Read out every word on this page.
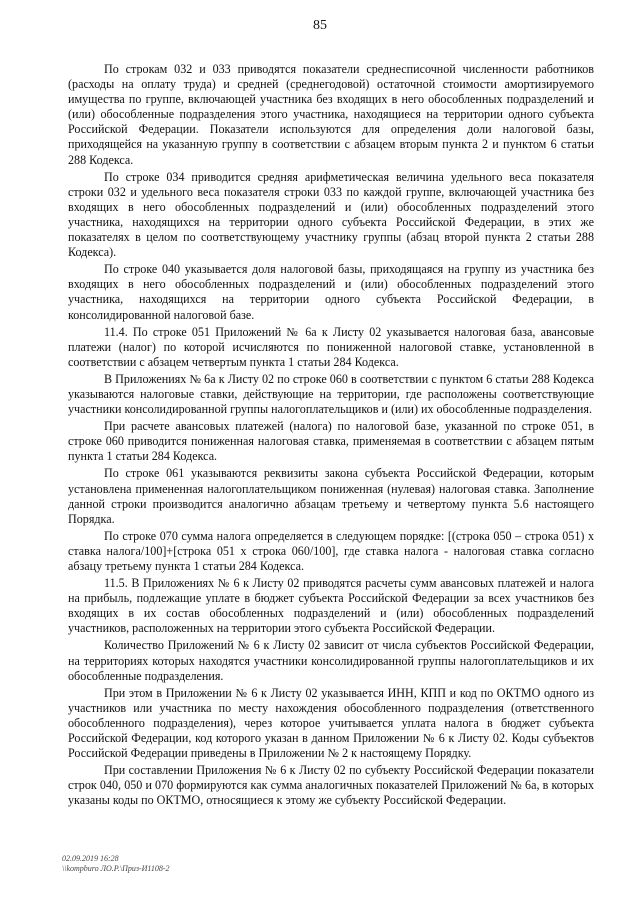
85

По строкам 032 и 033 приводятся показатели среднесписочной численности работников (расходы на оплату труда) и средней (среднегодовой) остаточной стоимости амортизируемого имущества по группе, включающей участника без входящих в него обособленных подразделений и (или) обособленные подразделения этого участника, находящиеся на территории одного субъекта Российской Федерации. Показатели используются для определения доли налоговой базы, приходящейся на указанную группу в соответствии с абзацем вторым пункта 2 и пунктом 6 статьи 288 Кодекса.

По строке 034 приводится средняя арифметическая величина удельного веса показателя строки 032 и удельного веса показателя строки 033 по каждой группе, включающей участника без входящих в него обособленных подразделений и (или) обособленных подразделений этого участника, находящихся на территории одного субъекта Российской Федерации, в этих же показателях в целом по соответствующему участнику группы (абзац второй пункта 2 статьи 288 Кодекса).

По строке 040 указывается доля налоговой базы, приходящаяся на группу из участника без входящих в него обособленных подразделений и (или) обособленных подразделений этого участника, находящихся на территории одного субъекта Российской Федерации, в консолидированной налоговой базе.

11.4. По строке 051 Приложений № 6а к Листу 02 указывается налоговая база, авансовые платежи (налог) по которой исчисляются по пониженной налоговой ставке, установленной в соответствии с абзацем четвертым пункта 1 статьи 284 Кодекса.

В Приложениях № 6а к Листу 02 по строке 060 в соответствии с пунктом 6 статьи 288 Кодекса указываются налоговые ставки, действующие на территории, где расположены соответствующие участники консолидированной группы налогоплательщиков и (или) их обособленные подразделения.

При расчете авансовых платежей (налога) по налоговой базе, указанной по строке 051, в строке 060 приводится пониженная налоговая ставка, применяемая в соответствии с абзацем пятым пункта 1 статьи 284 Кодекса.

По строке 061 указываются реквизиты закона субъекта Российской Федерации, которым установлена примененная налогоплательщиком пониженная (нулевая) налоговая ставка. Заполнение данной строки производится аналогично абзацам третьему и четвертому пункта 5.6 настоящего Порядка.

По строке 070 сумма налога определяется в следующем порядке: [(строка 050 – строка 051) х ставка налога/100]+[строка 051 х строка 060/100], где ставка налога - налоговая ставка согласно абзацу третьему пункта 1 статьи 284 Кодекса.

11.5. В Приложениях № 6 к Листу 02 приводятся расчеты сумм авансовых платежей и налога на прибыль, подлежащие уплате в бюджет субъекта Российской Федерации за всех участников без входящих в их состав обособленных подразделений и (или) обособленных подразделений участников, расположенных на территории этого субъекта Российской Федерации.

Количество Приложений № 6 к Листу 02 зависит от числа субъектов Российской Федерации, на территориях которых находятся участники консолидированной группы налогоплательщиков и их обособленные подразделения.

При этом в Приложении № 6 к Листу 02 указывается ИНН, КПП и код по ОКТМО одного из участников или участника по месту нахождения обособленного подразделения (ответственного обособленного подразделения), через которое учитывается уплата налога в бюджет субъекта Российской Федерации, код которого указан в данном Приложении № 6 к Листу 02. Коды субъектов Российской Федерации приведены в Приложении № 2 к настоящему Порядку.

При составлении Приложения № 6 к Листу 02 по субъекту Российской Федерации показатели строк 040, 050 и 070 формируются как сумма аналогичных показателей Приложений № 6а, в которых указаны коды по ОКТМО, относящиеся к этому же субъекту Российской Федерации.

02.09.2019 16:28
\\kompburo ЛО.Р.\Приз-И1108-2
